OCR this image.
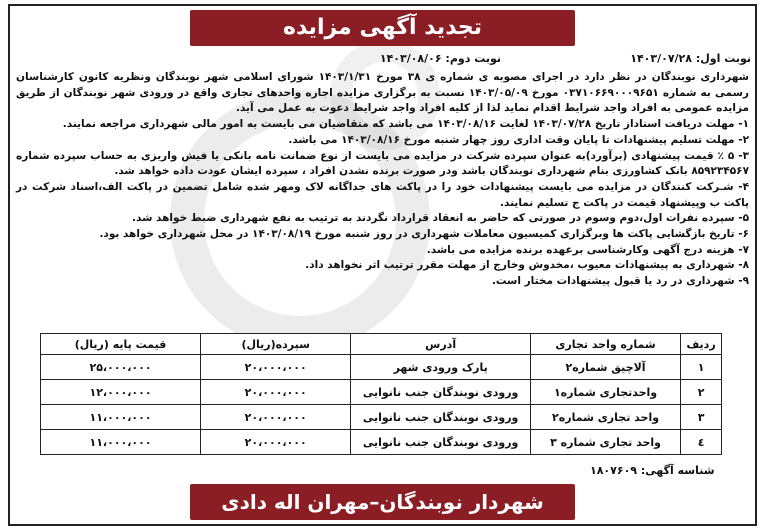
تجدید آگهی مزایده
نوبت اول: ۱۴۰۳/۰۷/۲۸
نوبت دوم: ۱۴۰۳/۰۸/۰۶

شهرداری نوبندگان در نظر دارد در اجرای مصوبه ی شماره ی ۳۸ مورخ ۱۴۰۳/۱/۳۱ شورای اسلامی شهر نوبندگان ونظریه کانون کارشناسان رسمی به شماره ۰۳۷۱۰۶۶۹۰۰۰۹۶۵۱ مورخ ۱۴۰۳/۰۵/۰۹ نسبت به برگزاری مزایده اجاره واحدهای تجاری واقع در ورودی شهر نوبندگان از طریق مزایده عمومی به افراد واجد شرایط اقدام نماید لذا از کلیه افراد واجد شرایط دعوت به عمل می آید.

۱- مهلت دریافت اسناداز تاریخ ۱۴۰۳/۰۷/۲۸ لغایت ۱۴۰۳/۰۸/۱۶ می باشد که متقاضیان می بایست به امور مالی شهرداری مراجعه نمایند.

۲- مهلت تسلیم پیشنهادات تا پایان وقت اداری روز چهار شنبه مورخ ۱۴۰۳/۰۸/۱۶ می باشد.

۳- ۵ ٪ قیمت پیشنهادی (برآورد)به عنوان سپرده شرکت در مزایده می بایست از نوع ضمانت نامه بانکی یا فیش واریزی به حساب سپرده شماره ۸۵۹۲۳۴۵۶۷ بانک کشاورزی بنام شهرداری نوبندگان باشد ودر صورت برنده نشدن افراد ، سپرده ایشان عودت داده خواهد شد.

۴- شـرکت کنندگان در مزایده می بایست پیشنهادات خود را در پاکت های جداگانه لاک ومهر شده شامل تضمین در پاکت الف،اسناد شرکت در پاکت ب وپیشنهاد قیمت در پاکت ج تسلیم نمایند.

۵- سپرده نفرات اول،دوم وسوم در صورتی که حاضر به انعقاد قرارداد نگردند به ترتیب به نفع شهرداری ضبط خواهد شد.

۶- تاریخ بازگشایی پاکت ها وبرگزاری کمیسیون معاملات شهرداری در روز شنبه مورخ ۱۴۰۳/۰۸/۱۹ در محل شهرداری خواهد بود.

۷- هزینه درج آگهی وکارشناسی برعهده برنده مزایده می باشد.

۸- شهرداری به پیشنهادات معیوب ،مخدوش وخارج از مهلت مقرر ترتیب اثر نخواهد داد.

۹- شهرداری در رد یا قبول پیشنهادات مختار است.

ردیف	شماره واحد تجاری	آدرس	سپرده(ریال)	قیمت پایه (ریال)
۱	آلاچیق شماره۲	پارک ورودی شهر	۲۰،۰۰۰،۰۰۰	۲۵،۰۰۰،۰۰۰
۲	واحدتجاری شماره۱	ورودی نوبندگان جنب نانوایی	۲۰،۰۰۰،۰۰۰	۱۲،۰۰۰،۰۰۰
۳	واحد تجاری شماره۲	ورودی نوبندگان جنب نانوایی	۲۰،۰۰۰،۰۰۰	۱۱،۰۰۰،۰۰۰
٤	واحد تجاری شماره ۳	ورودی نوبندگان جنب نانوایی	۲۰،۰۰۰،۰۰۰	۱۱،۰۰۰،۰۰۰
شناسه آگهی: ۱۸۰۷۶۰۹
شهردار نوبندگان–مهران اله دادی
